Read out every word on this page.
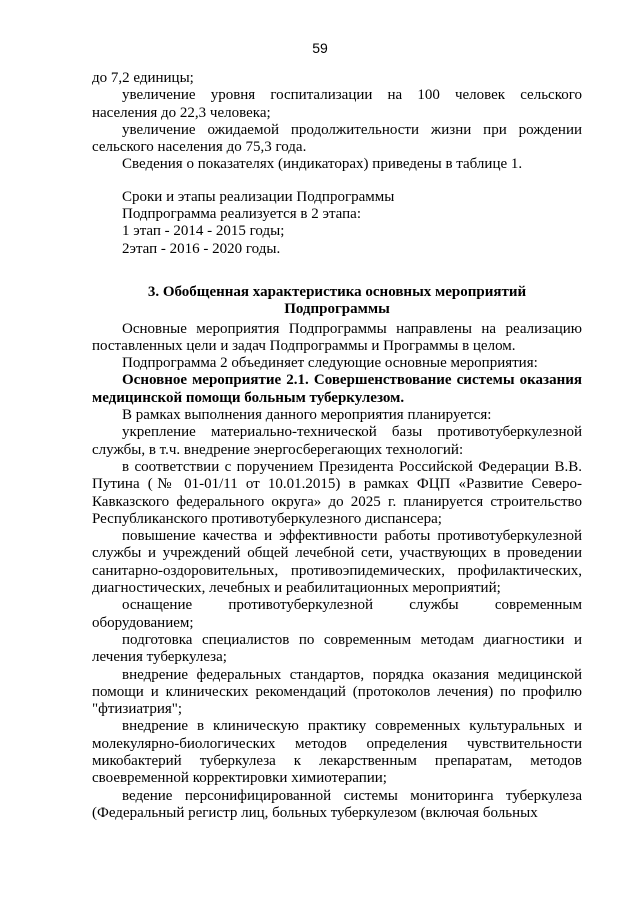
59

до 7,2 единицы;

увеличение уровня госпитализации на 100 человек сельского населения до 22,3 человека;

увеличение ожидаемой продолжительности жизни при рождении сельского населения до 75,3 года.

Сведения о показателях (индикаторах) приведены в таблице 1.

Сроки и этапы реализации Подпрограммы

Подпрограмма реализуется в 2 этапа:

1 этап - 2014 - 2015 годы;

2этап - 2016 - 2020 годы.

3. Обобщенная характеристика основных мероприятий
Подпрограммы

Основные мероприятия Подпрограммы направлены на реализацию поставленных цели и задач Подпрограммы и Программы в целом.

Подпрограмма 2 объединяет следующие основные мероприятия:

Основное мероприятие 2.1. Совершенствование системы оказания медицинской помощи больным туберкулезом.

В рамках выполнения данного мероприятия планируется:

укрепление материально-технической базы противотуберкулезной службы, в т.ч. внедрение энергосберегающих технологий:

в соответствии с поручением Президента Российской Федерации В.В. Путина (№ 01-01/11 от 10.01.2015) в рамках ФЦП «Развитие Северо-Кавказского федерального округа» до 2025 г. планируется строительство Республиканского противотуберкулезного диспансера;

повышение качества и эффективности работы противотуберкулезной службы и учреждений общей лечебной сети, участвующих в проведении санитарно-оздоровительных, противоэпидемических, профилактических, диагностических, лечебных и реабилитационных мероприятий;

оснащение противотуберкулезной службы современным оборудованием;

подготовка специалистов по современным методам диагностики и лечения туберкулеза;

внедрение федеральных стандартов, порядка оказания медицинской помощи и клинических рекомендаций (протоколов лечения) по профилю "фтизиатрия";

внедрение в клиническую практику современных культуральных и молекулярно-биологических методов определения чувствительности микобактерий туберкулеза к лекарственным препаратам, методов своевременной корректировки химиотерапии;

ведение персонифицированной системы мониторинга туберкулеза (Федеральный регистр лиц, больных туберкулезом (включая больных
